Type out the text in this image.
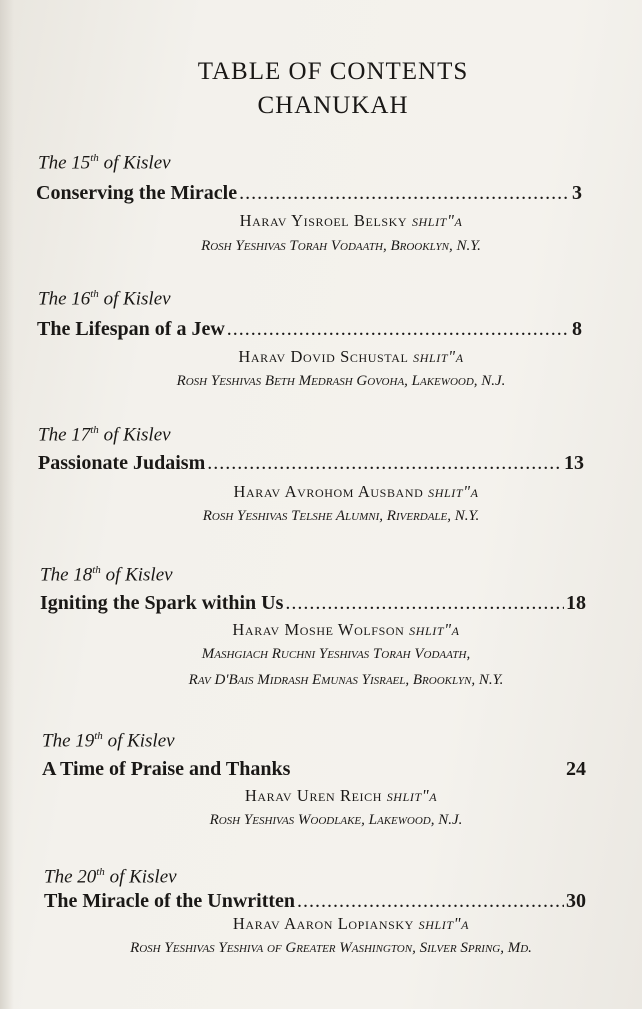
TABLE OF CONTENTS
CHANUKAH
The 15th of Kislev
Conserving the Miracle .....	3
Harav Yisroel Belsky shlit"a
Rosh Yeshivas Torah Vodaath, Brooklyn, N.Y.
The 16th of Kislev
The Lifespan of a Jew .....	8
Harav Dovid Schustal shlit"a
Rosh Yeshivas Beth Medrash Govoha, Lakewood, N.J.
The 17th of Kislev
Passionate Judaism .....	13
Harav Avrohom Ausband shlit"a
Rosh Yeshivas Telshe Alumni, Riverdale, N.Y.
The 18th of Kislev
Igniting the Spark within Us .....	18
Harav Moshe Wolfson shlit"a
Mashgiach Ruchni Yeshivas Torah Vodaath,
Rav D'Bais Midrash Emunas Yisrael, Brooklyn, N.Y.
The 19th of Kislev
A Time of Praise and Thanks	24
Harav Uren Reich shlit"a
Rosh Yeshivas Woodlake, Lakewood, N.J.
The 20th of Kislev
The Miracle of the Unwritten .....	30
Harav Aaron Lopiansky shlit"a
Rosh Yeshivas Yeshiva of Greater Washington, Silver Spring, Md.
